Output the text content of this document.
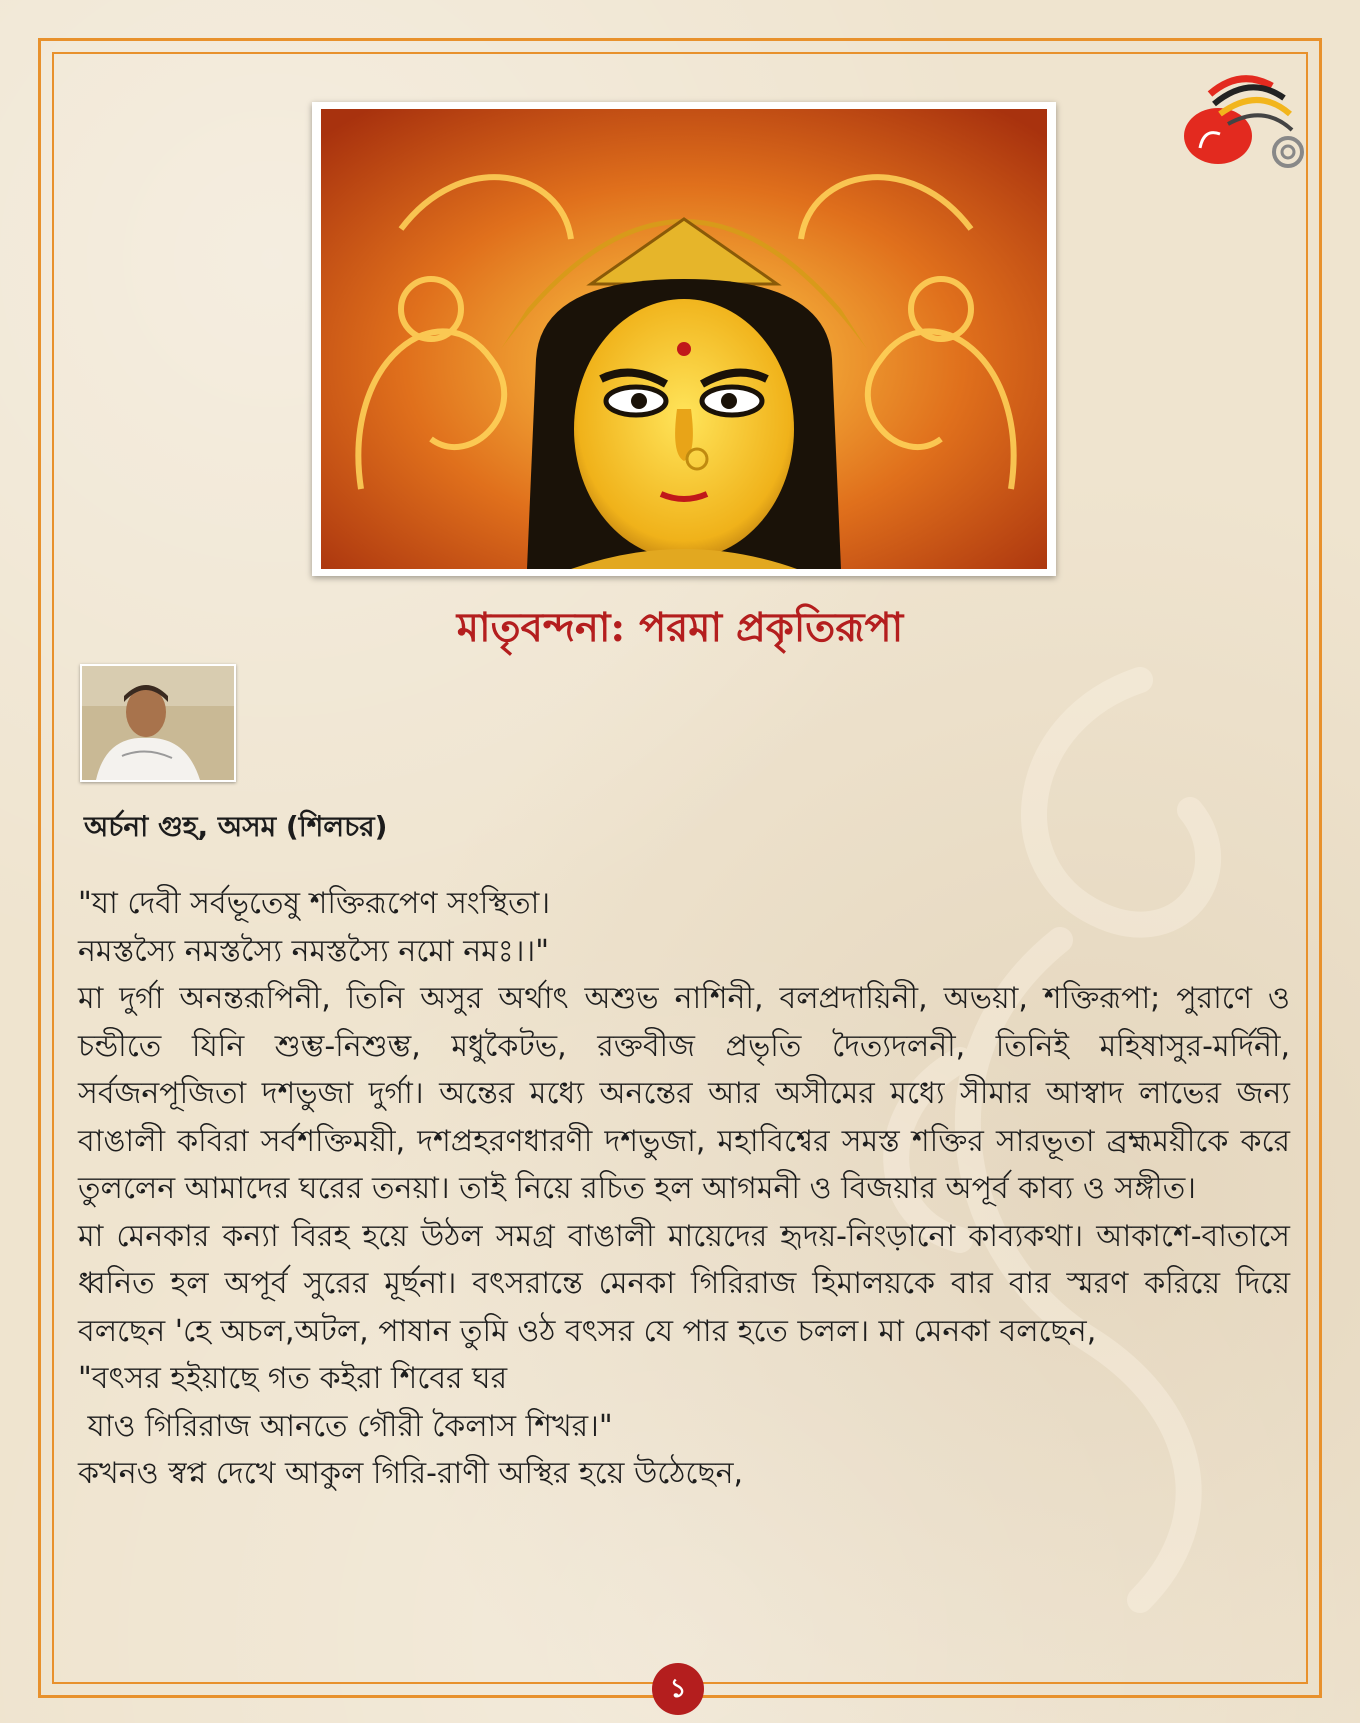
মাতৃবন্দনা: পরমা প্রকৃতিরূপা

অর্চনা গুহ, অসম (শিলচর)

"যা দেবী সর্বভূতেষু শক্তিরূপেণ সংস্থিতা।

নমস্তস্যৈ নমস্তস্যৈ নমস্তস্যৈ নমো নমঃ।।"

মা দুর্গা অনন্তরূপিনী, তিনি অসুর অর্থাৎ অশুভ নাশিনী, বলপ্রদায়িনী, অভয়া, শক্তিরূপা; পুরাণে ও চন্ডীতে যিনি শুম্ভ-নিশুম্ভ, মধুকৈটভ, রক্তবীজ প্রভৃতি দৈত্যদলনী, তিনিই মহিষাসুর-মর্দিনী, সর্বজনপূজিতা দশভুজা দুর্গা। অন্তের মধ্যে অনন্তের আর অসীমের মধ্যে সীমার আস্বাদ লাভের জন্য বাঙালী কবিরা সর্বশক্তিময়ী, দশপ্রহরণধারণী দশভুজা, মহাবিশ্বের সমস্ত শক্তির সারভূতা ব্রহ্মময়ীকে করে তুললেন আমাদের ঘরের তনয়া। তাই নিয়ে রচিত হল আগমনী ও বিজয়ার অপূর্ব কাব্য ও সঙ্গীত।

মা মেনকার কন্যা বিরহ হয়ে উঠল সমগ্র বাঙালী মায়েদের হৃদয়-নিংড়ানো কাব্যকথা। আকাশে-বাতাসে ধ্বনিত হল অপূর্ব সুরের মূর্ছনা। বৎসরান্তে মেনকা গিরিরাজ হিমালয়কে বার বার স্মরণ করিয়ে দিয়ে বলছেন 'হে অচল,অটল, পাষান তুমি ওঠ বৎসর যে পার হতে চলল। মা মেনকা বলছেন,

"বৎসর হইয়াছে গত কইরা শিবের ঘর

যাও গিরিরাজ আনতে গৌরী কৈলাস শিখর।"

কখনও স্বপ্ন দেখে আকুল গিরি-রাণী অস্থির হয়ে উঠেছেন,

১
